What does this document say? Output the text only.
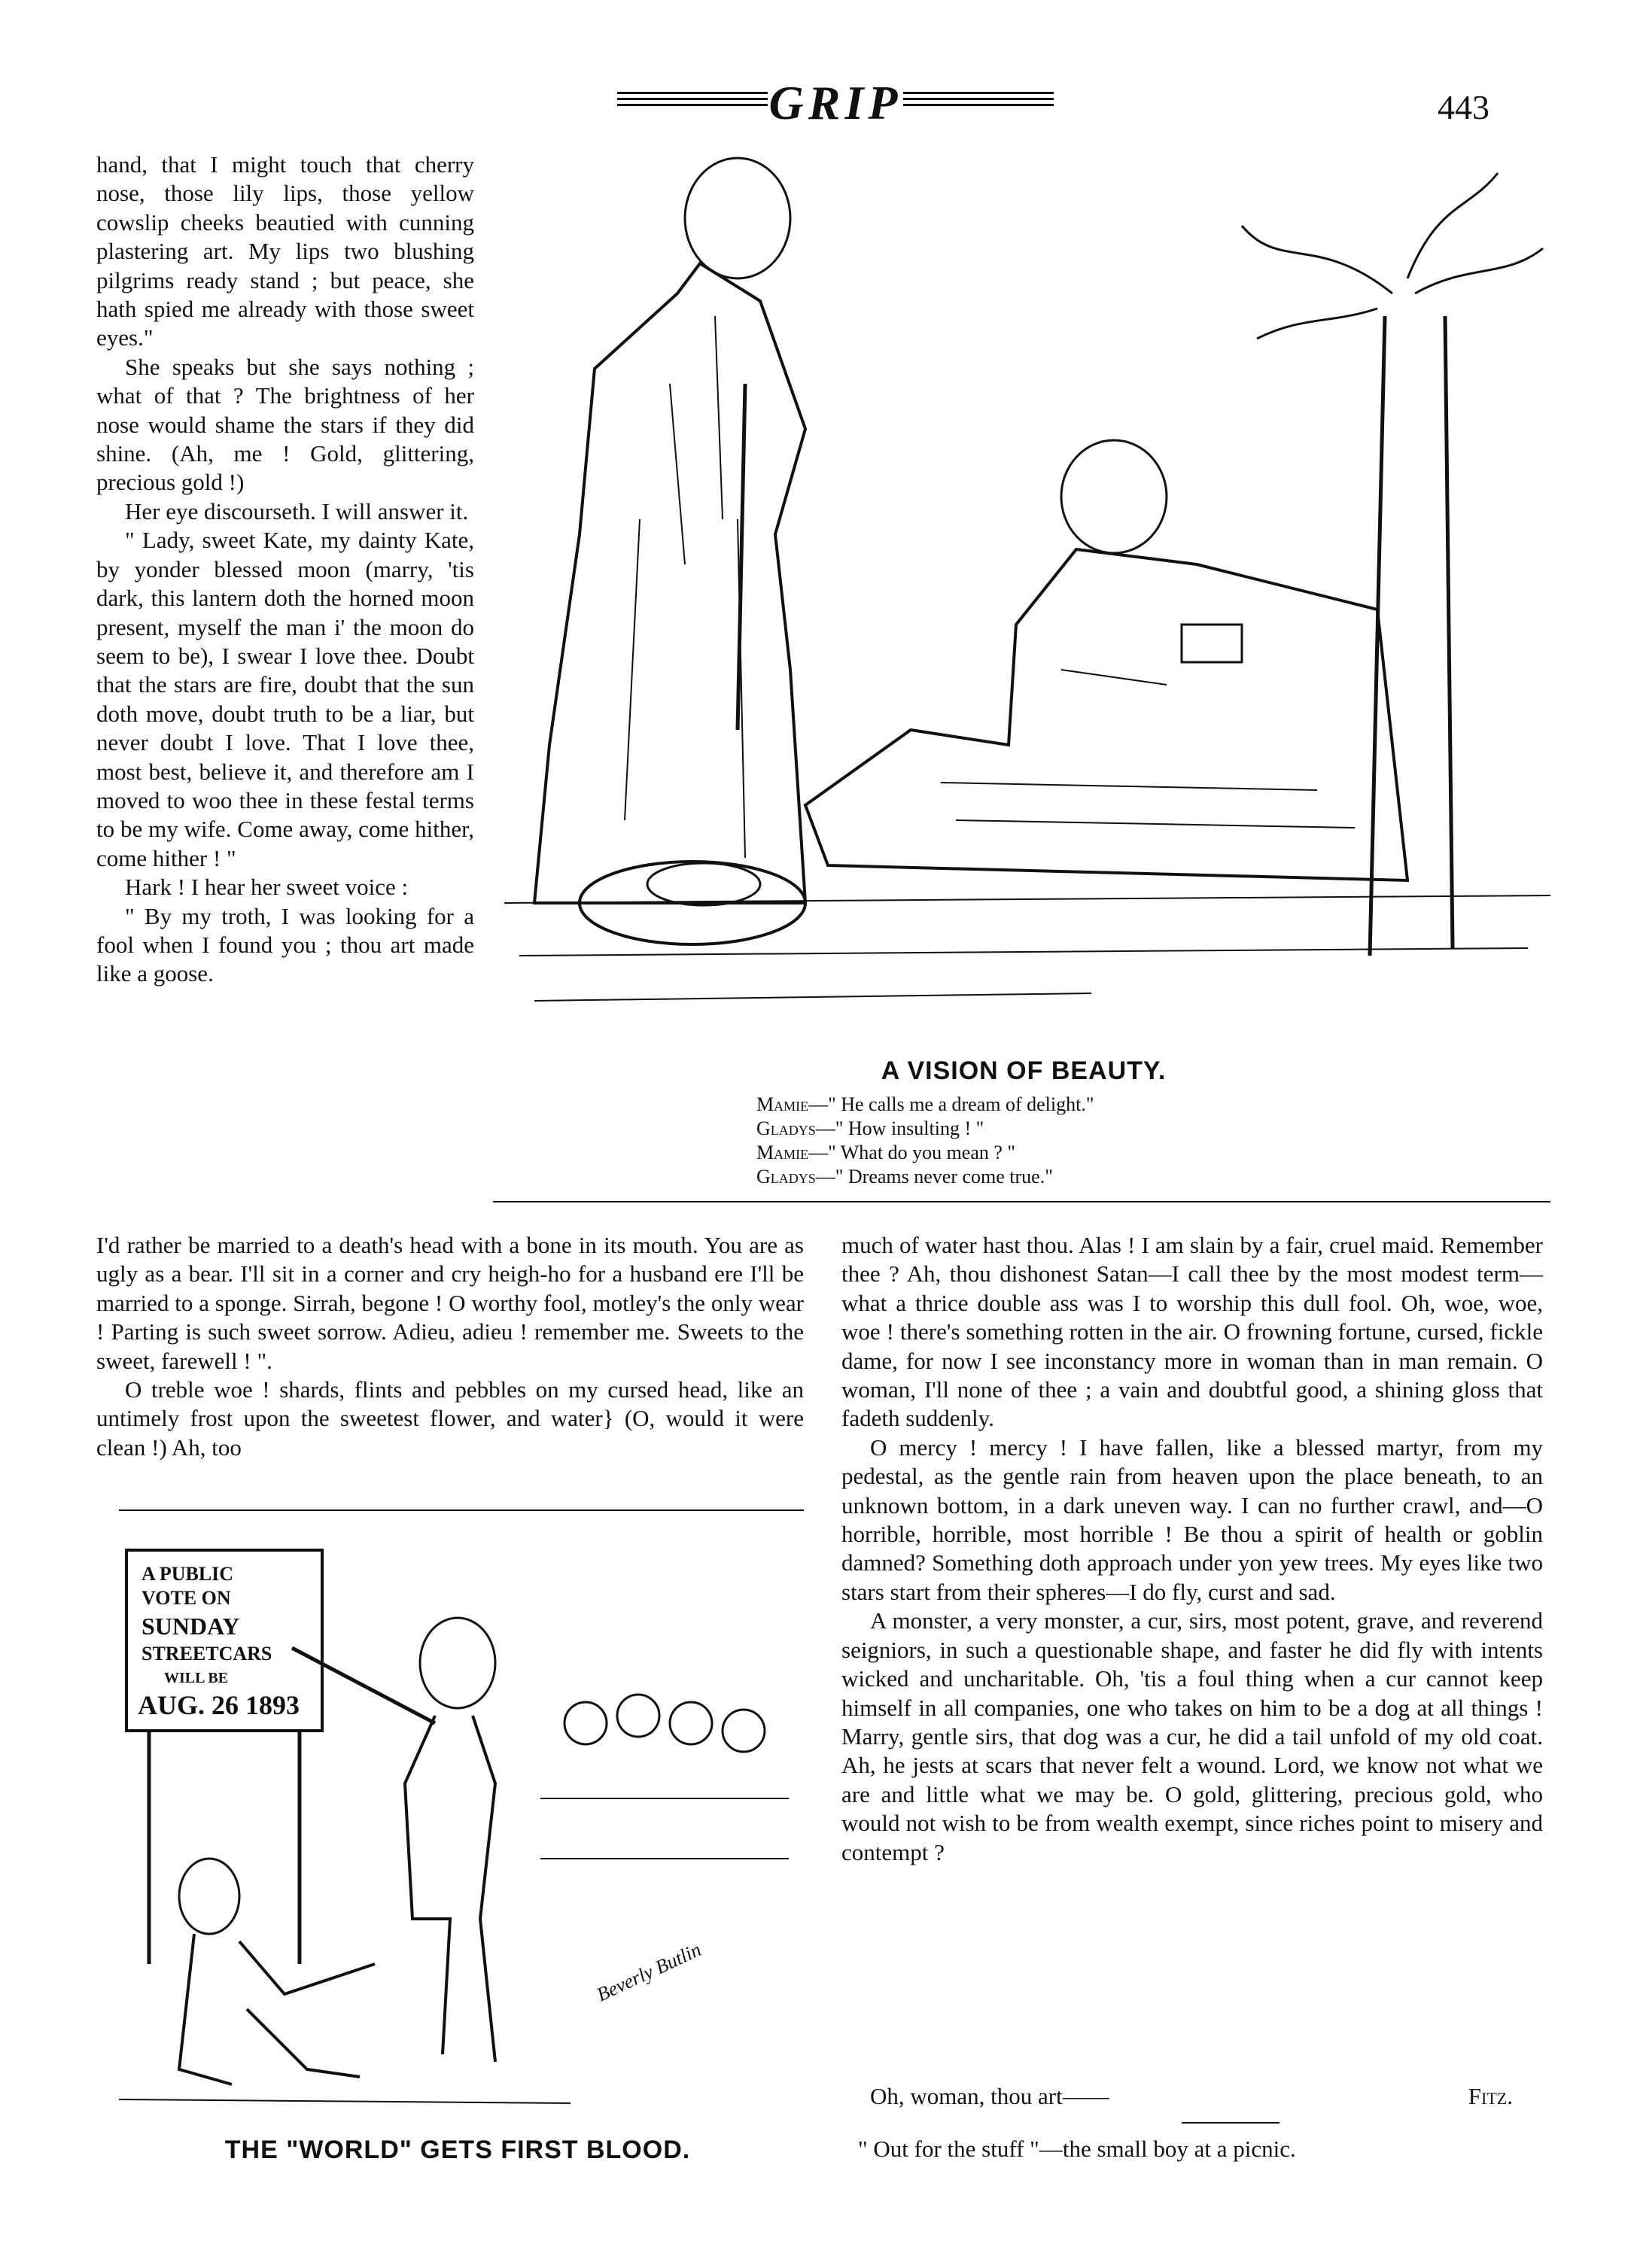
GRIP	443

hand, that I might touch that cherry nose, those lily lips, those yellow cowslip cheeks beautied with cunning plastering art. My lips two blushing pilgrims ready stand ; but peace, she hath spied me already with those sweet eyes."

She speaks but she says nothing ; what of that ? The brightness of her nose would shame the stars if they did shine. (Ah, me ! Gold, glittering, precious gold !)

Her eye discourseth. I will answer it.

" Lady, sweet Kate, my dainty Kate, by yonder blessed moon (marry, 'tis dark, this lantern doth the horned moon present, myself the man i' the moon do seem to be), I swear I love thee. Doubt that the stars are fire, doubt that the sun doth move, doubt truth to be a liar, but never doubt I love. That I love thee, most best, believe it, and therefore am I moved to woo thee in these festal terms to be my wife. Come away, come hither, come hither ! "

Hark ! I hear her sweet voice :

" By my troth, I was looking for a fool when I found you ; thou art made like a goose.

A VISION OF BEAUTY.
Mamie—" He calls me a dream of delight."
Gladys—" How insulting ! "
Mamie—" What do you mean ? "
Gladys—" Dreams never come true."

I'd rather be married to a death's head with a bone in its mouth. You are as ugly as a bear. I'll sit in a corner and cry heigh-ho for a husband ere I'll be married to a sponge. Sirrah, begone ! O worthy fool, motley's the only wear ! Parting is such sweet sorrow. Adieu, adieu ! remember me. Sweets to the sweet, farewell ! ".

O treble woe ! shards, flints and pebbles on my cursed head, like an untimely frost upon the sweetest flower, and water} (O, would it were clean !) Ah, too

A PUBLIC
VOTE ON
SUNDAY
STREETCARS
WILL BE
AUG. 26 1893
Beverly Butlin
THE "WORLD" GETS FIRST BLOOD.

much of water hast thou. Alas ! I am slain by a fair, cruel maid. Remember thee ? Ah, thou dishonest Satan—I call thee by the most modest term—what a thrice double ass was I to worship this dull fool. Oh, woe, woe, woe ! there's something rotten in the air. O frowning fortune, cursed, fickle dame, for now I see inconstancy more in woman than in man remain. O woman, I'll none of thee ; a vain and doubtful good, a shining gloss that fadeth suddenly.

O mercy ! mercy ! I have fallen, like a blessed martyr, from my pedestal, as the gentle rain from heaven upon the place beneath, to an unknown bottom, in a dark uneven way. I can no further crawl, and—O horrible, horrible, most horrible ! Be thou a spirit of health or goblin damned? Something doth approach under yon yew trees. My eyes like two stars start from their spheres—I do fly, curst and sad.

A monster, a very monster, a cur, sirs, most potent, grave, and reverend seigniors, in such a questionable shape, and faster he did fly with intents wicked and uncharitable. Oh, 'tis a foul thing when a cur cannot keep himself in all companies, one who takes on him to be a dog at all things ! Marry, gentle sirs, that dog was a cur, he did a tail unfold of my old coat. Ah, he jests at scars that never felt a wound. Lord, we know not what we are and little what we may be. O gold, glittering, precious gold, who would not wish to be from wealth exempt, since riches point to misery and contempt ?

Oh, woman, thou art——	Fitz.
" Out for the stuff "—the small boy at a picnic.
